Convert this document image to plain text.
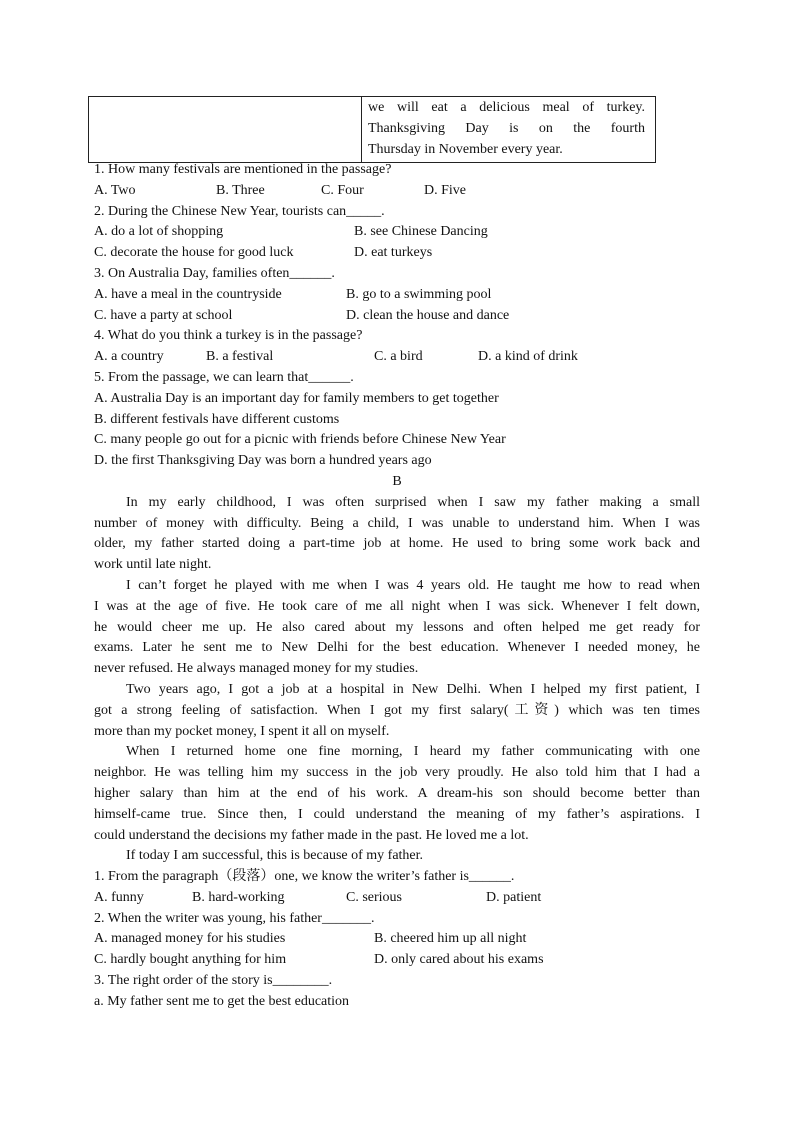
we will eat a delicious meal of turkey.
Thanksgiving Day is on the fourth
Thursday in November every year.
1. How many festivals are mentioned in the passage?
A. Two	B. Three	C. Four	D. Five
2. During the Chinese New Year, tourists can_____.
A. do a lot of shopping	B. see Chinese Dancing
C. decorate the house for good luck	D. eat turkeys
3. On Australia Day, families often______.
A. have a meal in the countryside	B. go to a swimming pool
C. have a party at school	D. clean the house and dance
4. What do you think a turkey is in the passage?
A. a country	B. a festival	C. a bird	D. a kind of drink
5. From the passage, we can learn that______.
A. Australia Day is an important day for family members to get together
B. different festivals have different customs
C. many people go out for a picnic with friends before Chinese New Year
D. the first Thanksgiving Day was born a hundred years ago
B
In my early childhood, I was often surprised when I saw my father making a small
number of money with difficulty. Being a child, I was unable to understand him. When I was
older, my father started doing a part-time job at home. He used to bring some work back and
work until late night.
I can’t forget he played with me when I was 4 years old. He taught me how to read when
I was at the age of five. He took care of me all night when I was sick. Whenever I felt down,
he would cheer me up. He also cared about my lessons and often helped me get ready for
exams. Later he sent me to New Delhi for the best education. Whenever I needed money, he
never refused. He always managed money for my studies.
Two years ago, I got a job at a hospital in New Delhi. When I helped my first patient, I
got a strong feeling of satisfaction. When I got my first salary(工资) which was ten times
more than my pocket money, I spent it all on myself.
When I returned home one fine morning, I heard my father communicating with one
neighbor. He was telling him my success in the job very proudly. He also told him that I had a
higher salary than him at the end of his work. A dream-his son should become better than
himself-came true. Since then, I could understand the meaning of my father’s aspirations. I
could understand the decisions my father made in the past. He loved me a lot.
If today I am successful, this is because of my father.
1. From the paragraph（段落）one, we know the writer’s father is______.
A. funny	B. hard-working	C. serious	D. patient
2. When the writer was young, his father_______.
A. managed money for his studies	B. cheered him up all night
C. hardly bought anything for him	D. only cared about his exams
3. The right order of the story is________.
a. My father sent me to get the best education
